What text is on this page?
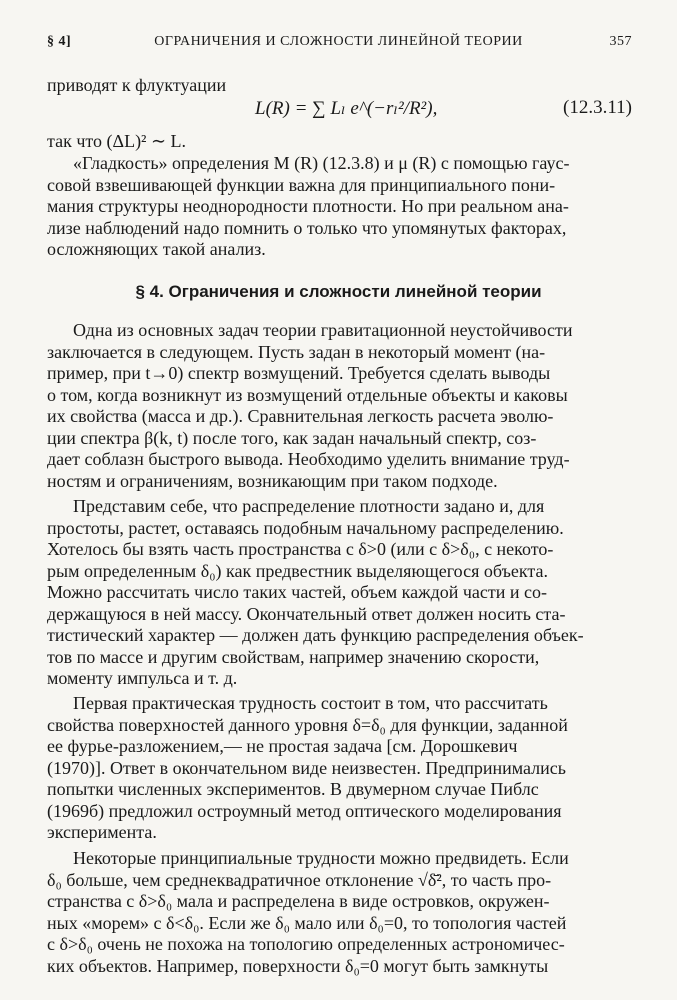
§ 4]	ОГРАНИЧЕНИЯ И СЛОЖНОСТИ ЛИНЕЙНОЙ ТЕОРИИ	357
приводят к флуктуации
L(R) = ∑ Lₗ e^(−rₗ²/R²),	(12.3.11)
так что (ΔL)² ∼ L.
«Гладкость» определения M (R) (12.3.8) и μ (R) с помощью гаус-
совой взвешивающей функции важна для принципиального пони-
мания структуры неоднородности плотности. Но при реальном ана-
лизе наблюдений надо помнить о только что упомянутых факторах,
осложняющих такой анализ.
§ 4. Ограничения и сложности линейной теории
Одна из основных задач теории гравитационной неустойчивости
заключается в следующем. Пусть задан в некоторый момент (на-
пример, при t→0) спектр возмущений. Требуется сделать выводы
о том, когда возникнут из возмущений отдельные объекты и каковы
их свойства (масса и др.). Сравнительная легкость расчета эволю-
ции спектра β(k, t) после того, как задан начальный спектр, соз-
дает соблазн быстрого вывода. Необходимо уделить внимание труд-
ностям и ограничениям, возникающим при таком подходе.
Представим себе, что распределение плотности задано и, для
простоты, растет, оставаясь подобным начальному распределению.
Хотелось бы взять часть пространства с δ>0 (или с δ>δ₀, с некото-
рым определенным δ₀) как предвестник выделяющегося объекта.
Можно рассчитать число таких частей, объем каждой части и со-
держащуюся в ней массу. Окончательный ответ должен носить ста-
тистический характер — должен дать функцию распределения объек-
тов по массе и другим свойствам, например значению скорости,
моменту импульса и т. д.
Первая практическая трудность состоит в том, что рассчитать
свойства поверхностей данного уровня δ=δ₀ для функции, заданной
ее фурье-разложением,— не простая задача [см. Дорошкевич
(1970)]. Ответ в окончательном виде неизвестен. Предпринимались
попытки численных экспериментов. В двумерном случае Пиблс
(1969б) предложил остроумный метод оптического моделирования
эксперимента.
Некоторые принципиальные трудности можно предвидеть. Если
δ₀ больше, чем среднеквадратичное отклонение √δ̄², то часть про-
странства с δ>δ₀ мала и распределена в виде островков, окружен-
ных «морем» с δ<δ₀. Если же δ₀ мало или δ₀=0, то топология частей
с δ>δ₀ очень не похожа на топологию определенных астрономичес-
ких объектов. Например, поверхности δ₀=0 могут быть замкнуты
